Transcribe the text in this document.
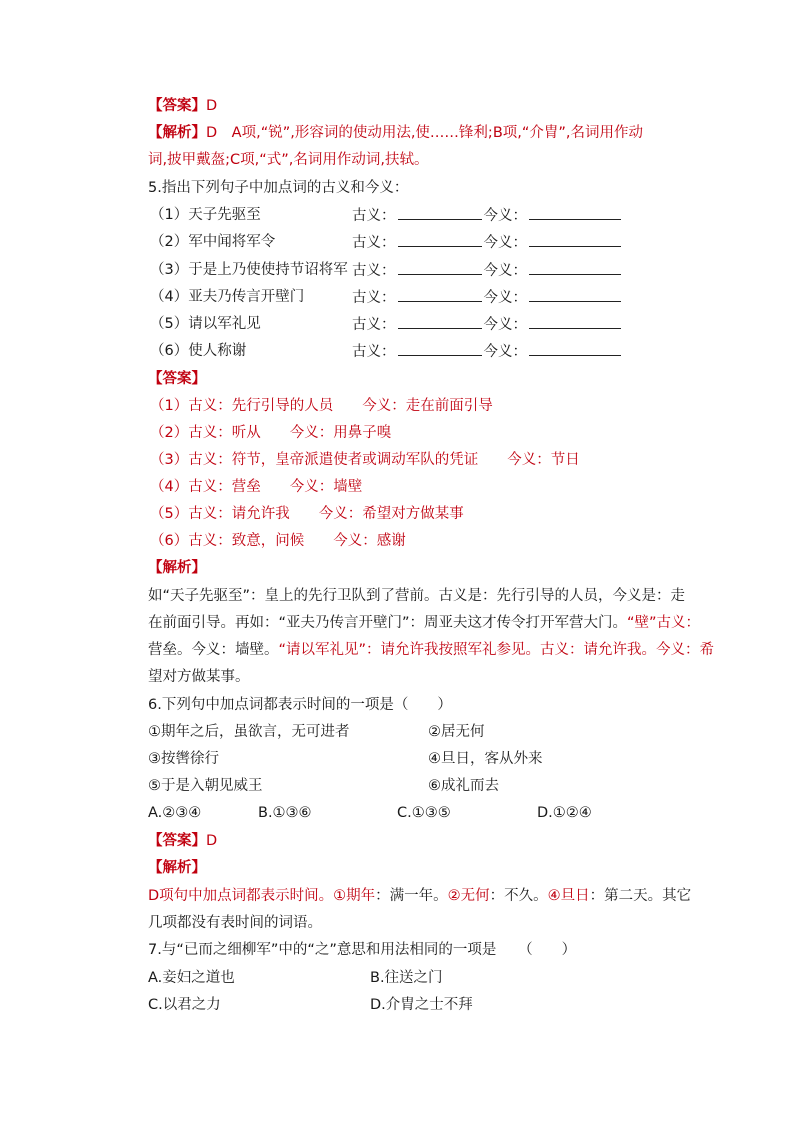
【答案】D
【解析】D　A项,“锐”,形容词的使动用法,使……锋利;B项,“介胄”,名词用作动
词,披甲戴盔;C项,“式”,名词用作动词,扶轼。
5.指出下列句子中加点词的古义和今义：
（1）天子先驱至	古义：	今义：
（2）军中闻将军令	古义：	今义：
（3）于是上乃使使持节诏将军 古义：	今义：
（4）亚夫乃传言开壁门	古义：	今义：
（5）请以军礼见	古义：	今义：
（6）使人称谢	古义：	今义：
【答案】
（1）古义：先行引导的人员　　今义：走在前面引导
（2）古义：听从　　今义：用鼻子嗅
（3）古义：符节，皇帝派遣使者或调动军队的凭证　　今义：节日
（4）古义：营垒　　今义：墙壁
（5）古义：请允许我　　今义：希望对方做某事
（6）古义：致意，问候　　今义：感谢
【解析】
如“天子先驱至”：皇上的先行卫队到了营前。古义是：先行引导的人员，今义是：走
在前面引导。再如：“亚夫乃传言开壁门”：周亚夫这才传令打开军营大门。“壁”古义：
营垒。今义：墙壁。“请以军礼见”：请允许我按照军礼参见。古义：请允许我。今义：希
望对方做某事。
6.下列句中加点词都表示时间的一项是（　　）
①期年之后，虽欲言，无可进者	②居无何
③按辔徐行	④旦日，客从外来
⑤于是入朝见威王	⑥成礼而去
A.②③④	B.①③⑥	C.①③⑤	D.①②④
【答案】D
【解析】
D项句中加点词都表示时间。①期年：满一年。②无何：不久。④旦日：第二天。其它
几项都没有表时间的词语。
7.与“已而之细柳军”中的“之”意思和用法相同的一项是　　（　　）
A.妾妇之道也	B.往送之门
C.以君之力	D.介胄之士不拜
